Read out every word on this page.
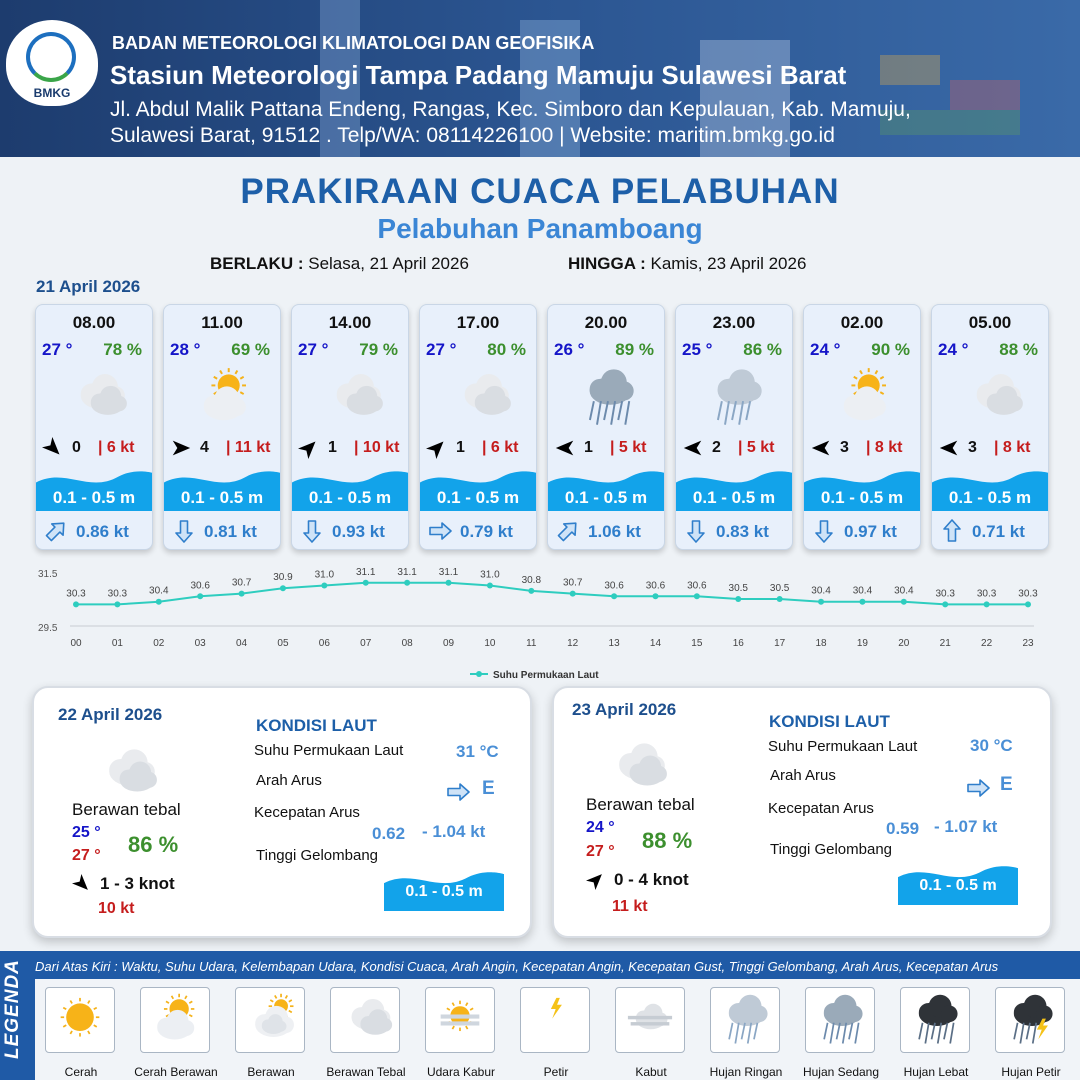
BMKG
BADAN METEOROLOGI KLIMATOLOGI DAN GEOFISIKA
Stasiun Meteorologi Tampa Padang Mamuju Sulawesi Barat
Jl. Abdul Malik Pattana Endeng, Rangas, Kec. Simboro dan Kepulauan, Kab. Mamuju,
Sulawesi Barat, 91512 . Telp/WA: 08114226100 | Website: maritim.bmkg.go.id
PRAKIRAAN CUACA PELABUHAN
Pelabuhan Panamboang
BERLAKU : Selasa, 21 April 2026	HINGGA : Kamis, 23 April 2026
21 April 2026
08.00
27 ° 78 %
0 | 6 kt
0.1 - 0.5 m
0.86 kt
11.00
28 ° 69 %
4 | 11 kt
0.1 - 0.5 m
0.81 kt
14.00
27 ° 79 %
1 | 10 kt
0.1 - 0.5 m
0.93 kt
17.00
27 ° 80 %
1 | 6 kt
0.1 - 0.5 m
0.79 kt
20.00
26 ° 89 %
1 | 5 kt
0.1 - 0.5 m
1.06 kt
23.00
25 ° 86 %
2 | 5 kt
0.1 - 0.5 m
0.83 kt
02.00
24 ° 90 %
3 | 8 kt
0.1 - 0.5 m
0.97 kt
05.00
24 ° 88 %
3 | 8 kt
0.1 - 0.5 m
0.71 kt
31.5
29.5
30.3
00
30.3
01
30.4
02
30.6
03
30.7
04
30.9
05
31.0
06
31.1
07
31.1
08
31.1
09
31.0
10
30.8
11
30.7
12
30.6
13
30.6
14
30.6
15
30.5
16
30.5
17
30.4
18
30.4
19
30.4
20
30.3
21
30.3
22
30.3
23
Suhu Permukaan Laut
22 April 2026
Berawan tebal
25 °
27 ° 86 %
1 - 3 knot
10 kt
KONDISI LAUT
Suhu Permukaan Laut	31 °C
Arah Arus	E
Kecepatan Arus
0.62 - 1.04 kt
Tinggi Gelombang
0.1 - 0.5 m
23 April 2026
Berawan tebal
24 °
27 ° 88 %
0 - 4 knot
11 kt
KONDISI LAUT
Suhu Permukaan Laut	30 °C
Arah Arus	E
Kecepatan Arus
0.59 - 1.07 kt
Tinggi Gelombang
0.1 - 0.5 m
LEGENDA Dari Atas Kiri : Waktu, Suhu Udara, Kelembapan Udara, Kondisi Cuaca, Arah Angin, Kecepatan Angin, Kecepatan Gust, Tinggi Gelombang, Arah Arus, Kecepatan Arus
Cerah	Cerah Berawan	Berawan	Berawan Tebal	Udara Kabur	Petir	Kabut	Hujan Ringan	Hujan Sedang	Hujan Lebat	Hujan Petir
